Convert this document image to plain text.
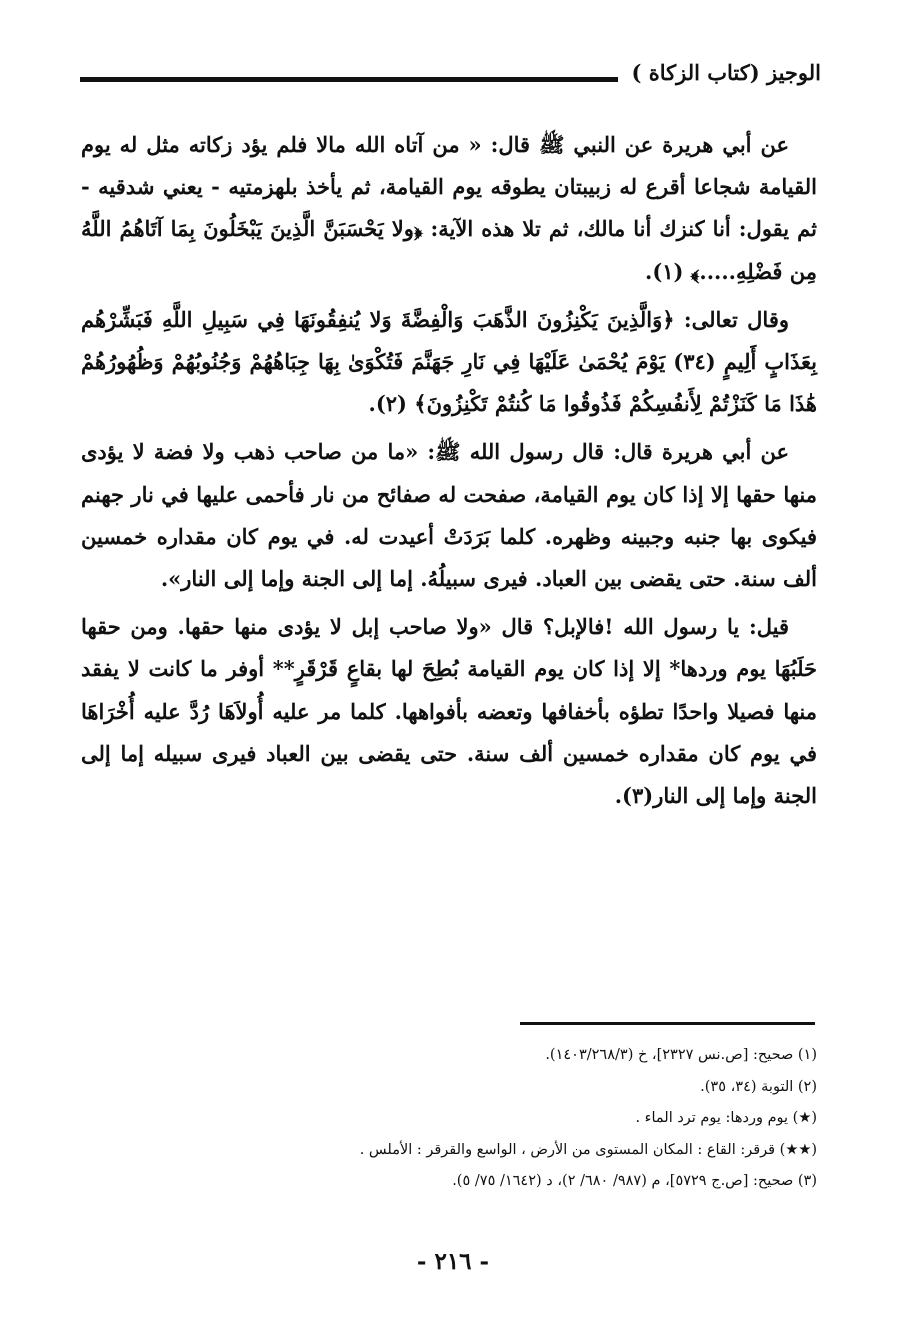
الوجيز (كتاب الزكاة )

عن أبي هريرة عن النبي ﷺ قال: « من آتاه الله مالا فلم يؤد زكاته مثل له يوم القيامة شجاعا أقرع له زبيبتان يطوقه يوم القيامة، ثم يأخذ بلهزمتيه - يعني شدقيه - ثم يقول: أنا كنزك أنا مالك، ثم تلا هذه الآية: ﴿ولا يَحْسَبَنَّ الَّذِينَ يَبْخَلُونَ بِمَا آتَاهُمُ اللَّهُ مِن فَضْلِهِ.....﴾ (١).

وقال تعالى: ﴿وَالَّذِينَ يَكْنِزُونَ الذَّهَبَ وَالْفِضَّةَ وَلا يُنفِقُونَهَا فِي سَبِيلِ اللَّهِ فَبَشِّرْهُم بِعَذَابٍ أَلِيمٍ (٣٤) يَوْمَ يُحْمَىٰ عَلَيْهَا فِي نَارِ جَهَنَّمَ فَتُكْوَىٰ بِهَا جِبَاهُهُمْ وَجُنُوبُهُمْ وَظُهُورُهُمْ هَٰذَا مَا كَنَزْتُمْ لِأَنفُسِكُمْ فَذُوقُوا مَا كُنتُمْ تَكْنِزُونَ﴾ (٢).

عن أبي هريرة قال: قال رسول الله ﷺ: «ما من صاحب ذهب ولا فضة لا يؤدى منها حقها إلا إذا كان يوم القيامة، صفحت له صفائح من نار فأحمى عليها في نار جهنم فيكوى بها جنبه وجبينه وظهره. كلما بَرَدَتْ أعيدت له. في يوم كان مقداره خمسين ألف سنة. حتى يقضى بين العباد. فيرى سبيلُهُ. إما إلى الجنة وإما إلى النار».

قيل: يا رسول الله !فالإبل؟ قال «ولا صاحب إبل لا يؤدى منها حقها. ومن حقها حَلَبُهَا يوم وردها* إلا إذا كان يوم القيامة بُطِحَ لها بقاعٍ قَرْقَرٍ** أوفر ما كانت لا يفقد منها فصيلا واحدًا تطؤه بأخفافها وتعضه بأفواهها. كلما مر عليه أُولاَهَا رُدَّ عليه أُخْرَاهَا في يوم كان مقداره خمسين ألف سنة. حتى يقضى بين العباد فيرى سبيله إما إلى الجنة وإما إلى النار(٣).

(١) صحيح: [ص.نس ٢٣٢٧]، خ (١٤٠٣/٢٦٨/٣).
(٢) التوبة (٣٤، ٣٥).
(★) يوم وردها: يوم ترد الماء .
(★★) قرقر: القاع : المكان المستوى من الأرض ، الواسع والقرقر : الأملس .
(٣) صحيح: [ص.ج ٥٧٢٩]، م (٩٨٧/ ٦٨٠/ ٢)، د (١٦٤٢/ ٧٥/ ٥).
- ٢١٦ -
